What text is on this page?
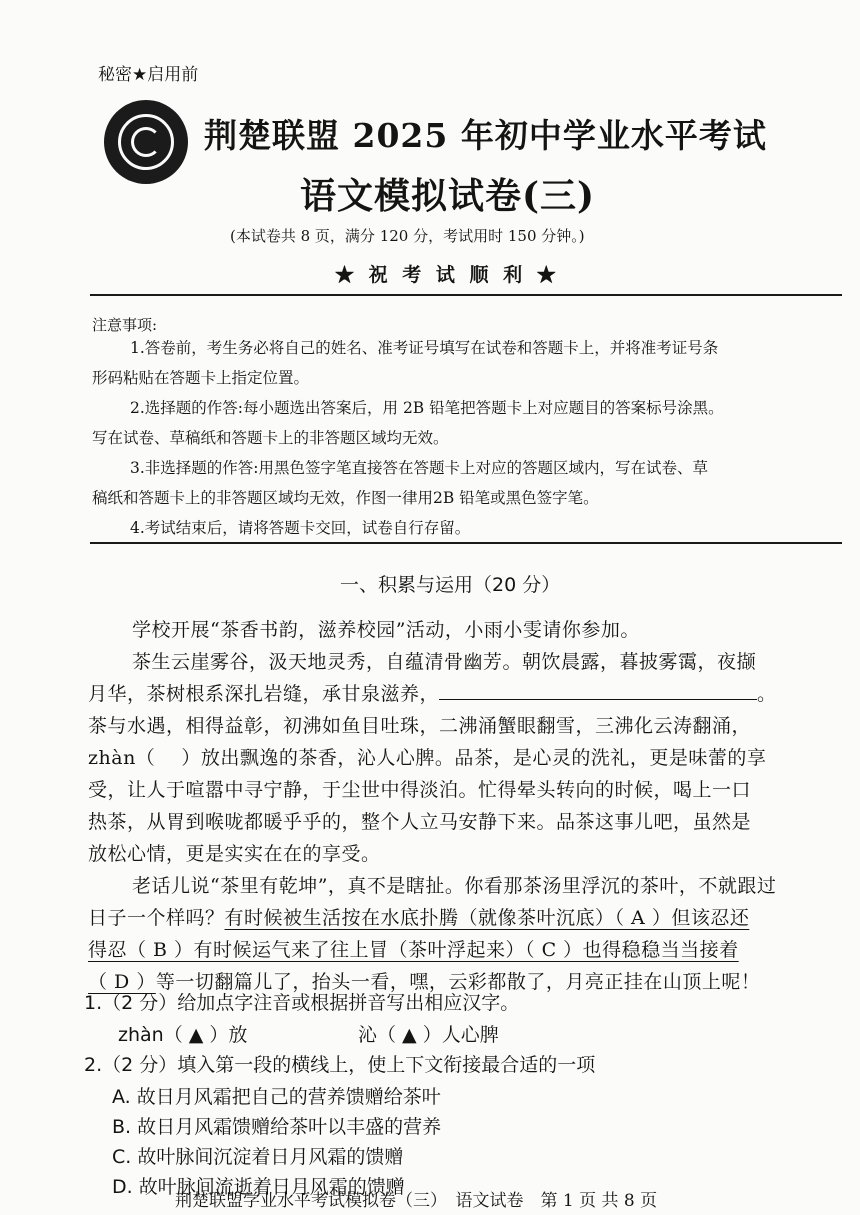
秘密★启用前
荆楚联盟 2025 年初中学业水平考试
语文模拟试卷(三)
(本试卷共 8 页，满分 120 分，考试用时 150 分钟。)
★ 祝 考 试 顺 利 ★
注意事项:
1.答卷前，考生务必将自己的姓名、准考证号填写在试卷和答题卡上，并将准考证号条
形码粘贴在答题卡上指定位置。
2.选择题的作答:每小题选出答案后，用 2B 铅笔把答题卡上对应题目的答案标号涂黑。
写在试卷、草稿纸和答题卡上的非答题区域均无效。
3.非选择题的作答:用黑色签字笔直接答在答题卡上对应的答题区域内，写在试卷、草
稿纸和答题卡上的非答题区域均无效，作图一律用2B 铅笔或黑色签字笔。
4.考试结束后，请将答题卡交回，试卷自行存留。
一、积累与运用（20 分）
学校开展“茶香书韵，滋养校园”活动，小雨小雯请你参加。
茶生云崖雾谷，汲天地灵秀，自蕴清骨幽芳。朝饮晨露，暮披雾霭，夜撷
月华，茶树根系深扎岩缝，承甘泉滋养，	。
茶与水遇，相得益彰，初沸如鱼目吐珠，二沸涌蟹眼翻雪，三沸化云涛翻涌，
zhàn（　 ）放出飘逸的茶香，沁人心脾。品茶，是心灵的洗礼，更是味蕾的享
受，让人于喧嚣中寻宁静，于尘世中得淡泊。忙得晕头转向的时候，喝上一口
热茶，从胃到喉咙都暖乎乎的，整个人立马安静下来。品茶这事儿吧，虽然是
放松心情，更是实实在在的享受。
老话儿说“茶里有乾坤”，真不是瞎扯。你看那茶汤里浮沉的茶叶，不就跟过
日子一个样吗？有时候被生活按在水底扑腾（就像茶叶沉底）（ A ）但该忍还
得忍（ B ）有时候运气来了往上冒（茶叶浮起来）（ C ）也得稳稳当当接着
（ D ）等一切翻篇儿了，抬头一看，嘿，云彩都散了，月亮正挂在山顶上呢！
1.（2 分）给加点字注音或根据拼音写出相应汉字。
zhàn（ ▲ ）放	沁（ ▲ ）人心脾
2.（2 分）填入第一段的横线上，使上下文衔接最合适的一项
A. 故日月风霜把自己的营养馈赠给茶叶
B. 故日月风霜馈赠给茶叶以丰盛的营养
C. 故叶脉间沉淀着日月风霜的馈赠
D. 故叶脉间流逝着日月风霜的馈赠
荆楚联盟学业水平考试模拟卷（三）　语文试卷　第 1 页 共 8 页
